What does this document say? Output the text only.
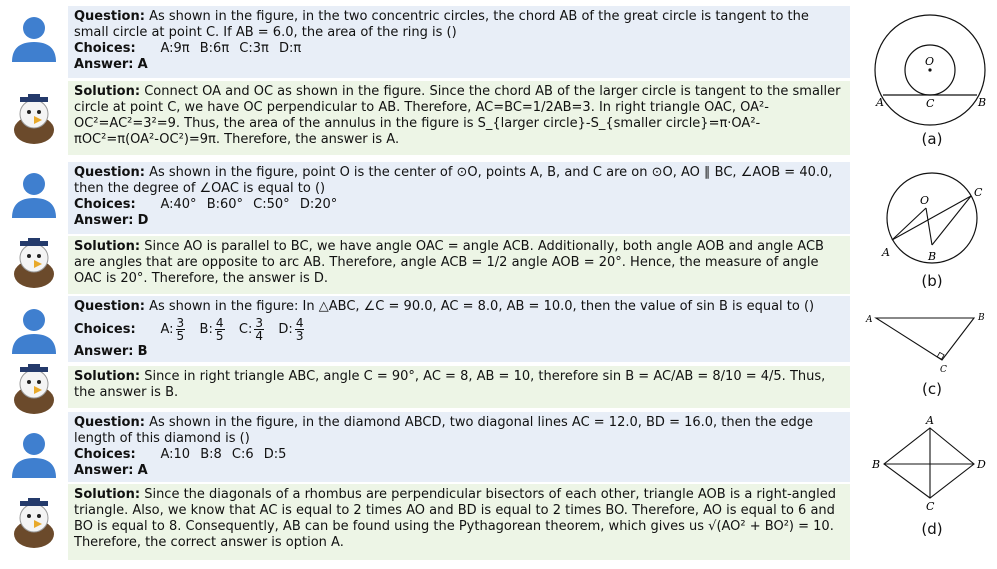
Question: As shown in the figure, in the two concentric circles, the chord AB of the great circle is tangent to the small circle at point C. If AB = 6.0, the area of the ring is ()
Choices: A:9π B:6π C:3π D:π
Answer: A
Solution: Connect OA and OC as shown in the figure. Since the chord AB of the larger circle is tangent to the smaller circle at point C, we have OC perpendicular to AB. Therefore, AC=BC=1/2AB=3. In right triangle OAC, OA²-OC²=AC²=3²=9. Thus, the area of the annulus in the figure is S_{larger circle}-S_{smaller circle}=π·OA²-πOC²=π(OA²-OC²)=9π. Therefore, the answer is A.
Question: As shown in the figure, point O is the center of ⊙O, points A, B, and C are on ⊙O, AO ∥ BC, ∠AOB = 40.0, then the degree of ∠OAC is equal to ()
Choices: A:40° B:60° C:50° D:20°
Answer: D
Solution: Since AO is parallel to BC, we have angle OAC = angle ACB. Additionally, both angle AOB and angle ACB are angles that are opposite to arc AB. Therefore, angle ACB = 1/2 angle AOB = 20°. Hence, the measure of angle OAC is 20°. Therefore, the answer is D.
Question: As shown in the figure: In △ABC, ∠C = 90.0, AC = 8.0, AB = 10.0, then the value of sin B is equal to ()
Choices: A: $\frac{3}{5} B$: $\frac{4}{5} C$: $\frac{3}{4} D$: $\frac{4}{3}$
Answer: B
Solution: Since in right triangle ABC, angle C = 90°, AC = 8, AB = 10, therefore sin B = AC/AB = 8/10 = 4/5. Thus, the answer is B.
Question: As shown in the figure, in the diamond ABCD, two diagonal lines AC = 12.0, BD = 16.0, then the edge length of this diamond is ()
Choices: A:10 B:8 C:6 D:5
Answer: A
Solution: Since the diagonals of a rhombus are perpendicular bisectors of each other, triangle AOB is a right-angled triangle. Also, we know that AC is equal to 2 times AO and BD is equal to 2 times BO. Therefore, AO is equal to 6 and BO is equal to 8. Consequently, AB can be found using the Pythagorean theorem, which gives us √(AO² + BO²) = 10. Therefore, the correct answer is option A.
O
A	C	B
(a)
O
C
A	B
(b)
A	B
C
(c)
A
B	D
C
(d)
